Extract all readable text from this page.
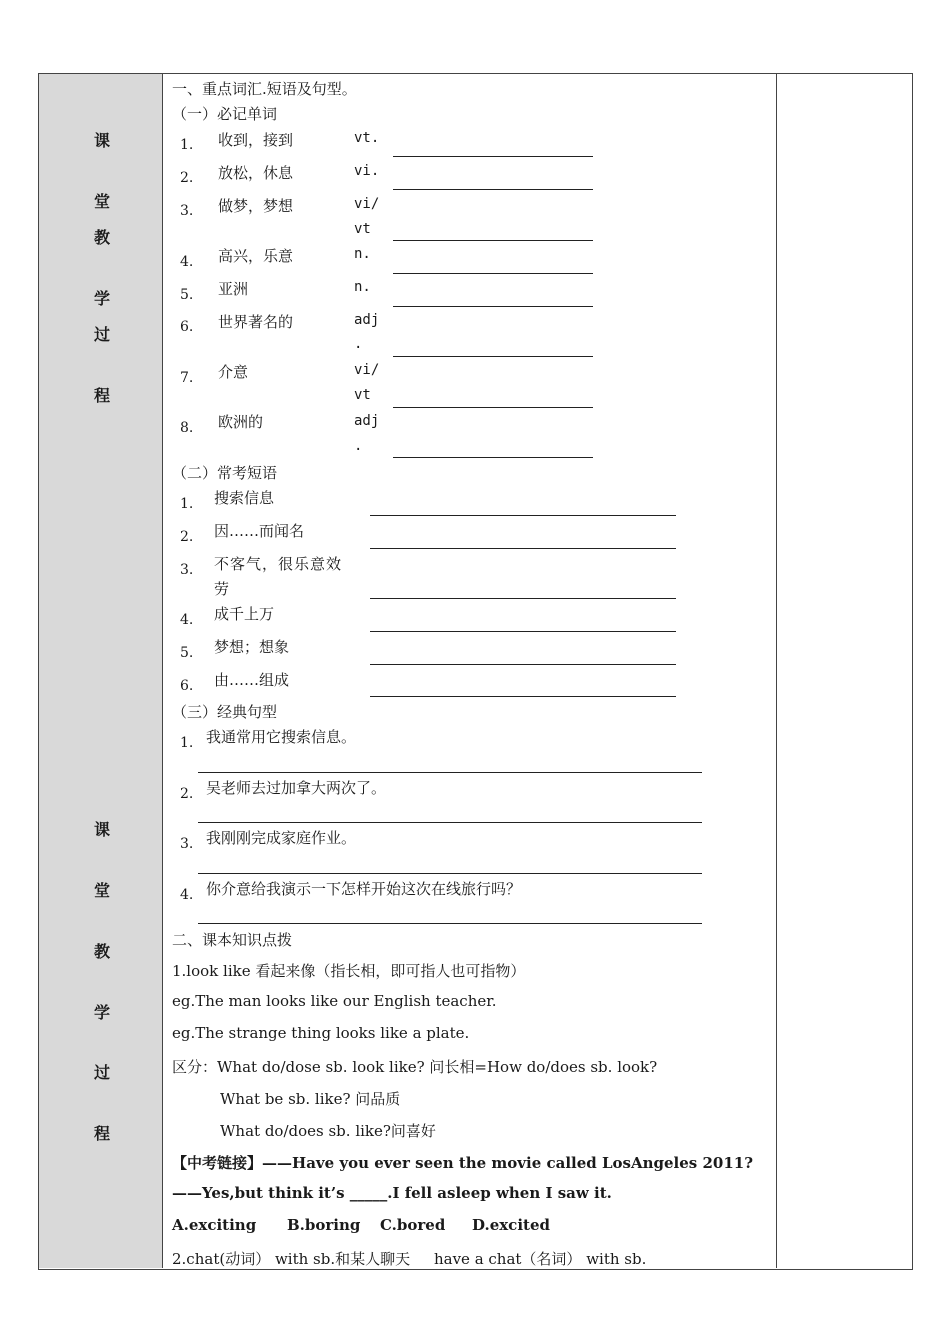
课
堂
教
学
过
程
课
堂
教
学
过
程
一、重点词汇.短语及句型。
（一）必记单词
1. 收到，接到	vt.
2. 放松，休息	vi.
3. 做梦，梦想	vi/
vt
4. 高兴，乐意	n.
5. 亚洲	n.
6. 世界著名的	adj
.
7. 介意	vi/
vt
8. 欧洲的	adj
.
（二）常考短语
1. 搜索信息
2. 因……而闻名
3. 不客气，很乐意效
劳
4. 成千上万
5. 梦想；想象
6. 由……组成
（三）经典句型
1. 我通常用它搜索信息。
2. 吴老师去过加拿大两次了。
3. 我刚刚完成家庭作业。
4. 你介意给我演示一下怎样开始这次在线旅行吗？
二、课本知识点拨
1.look like 看起来像（指长相，即可指人也可指物）
eg.The man looks like our English teacher.
eg.The strange thing looks like a plate.
区分：What do/dose sb. look like? 问长相=How do/does sb. look?
What be sb. like? 问品质
What do/does sb. like?问喜好
【中考链接】——Have you ever seen the movie called LosAngeles 2011?
——Yes,but think it’s _____.I fell asleep when I saw it.
A.exciting B.boring C.bored D.excited
2.chat(动词） with sb.和某人聊天     have a chat（名词） with sb.
